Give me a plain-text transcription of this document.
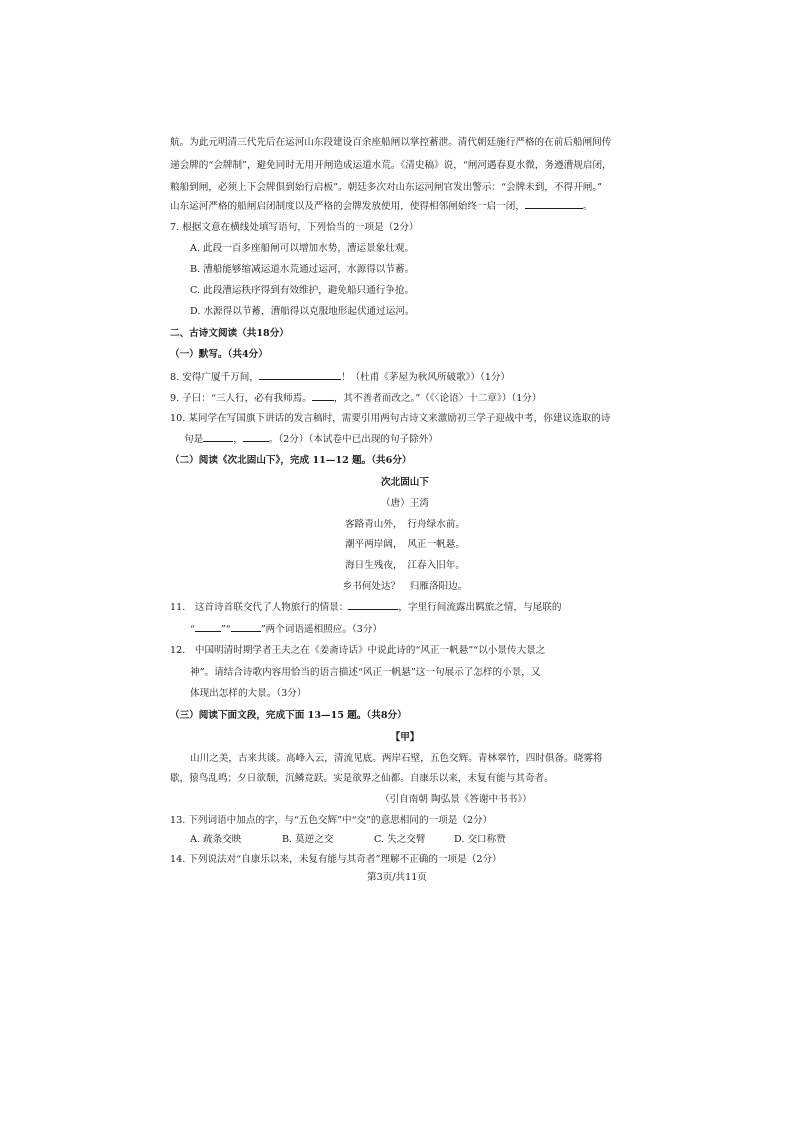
航。为此元明清三代先后在运河山东段建设百余座船闸以掌控蓄泄。清代朝廷施行严格的在前后船闸间传
递会牌的“会牌制”，避免同时无用开闸造成运道水荒。《清史稿》说，“闸河遇春夏水微，务遵漕规启闭，
粮船到闸，必须上下会牌俱到始行启板”。朝廷多次对山东运河闸官发出警示：“会牌未到，不得开闸。”
山东运河严格的船闸启闭制度以及严格的会牌发放使用，使得相邻闸始终一启一闭，	。
7. 根据文意在横线处填写语句，下列恰当的一项是（2分）
A. 此段一百多座船闸可以增加水势，漕运景象壮观。
B. 漕船能够缩减运道水荒通过运河，水源得以节蓄。
C. 此段漕运秩序得到有效维护，避免船只通行争抢。
D. 水源得以节蓄，漕船得以克服地形起伏通过运河。
二、古诗文阅读（共18分）
（一）默写。（共4分）
8. 安得广厦千万间，	！（杜甫《茅屋为秋风所破歌》）（1分）
9. 子曰：“三人行，必有我师焉。 ，其不善者而改之。”（《〈论语〉十二章》）（1分）
10. 某同学在写国旗下讲话的发言稿时，需要引用两句古诗文来激励初三学子迎战中考，你建议选取的诗
句是	，	。（2分）（本试卷中已出现的句子除外）
（二）阅读《次北固山下》，完成 11—12 题。（共6分）
次北固山下
（唐）王湾
客路青山外，　行舟绿水前。
潮平两岸阔，　风正一帆悬。
海日生残夜，　江春入旧年。
乡书何处达？　归雁洛阳边。
11.　这首诗首联交代了人物旅行的情景：	，字里行间流露出羁旅之情，与尾联的
“	”“	”两个词语遥相照应。（3分）
12.　中国明清时期学者王夫之在《姜斋诗话》中说此诗的“风正一帆悬”“以小景传大景之
神”。请结合诗歌内容用恰当的语言描述“风正一帆悬”这一句展示了怎样的小景，又
体现出怎样的大景。（3分）
（三）阅读下面文段，完成下面 13—15 题。（共8分）
【甲】
山川之美，古来共谈。高峰入云，清流见底。两岸石壁，五色交辉。青林翠竹，四时俱备。晓雾将
歇，猿鸟乱鸣；夕日欲颓，沉鳞竞跃。实是欲界之仙都。自康乐以来，未复有能与其奇者。
（引自南朝 陶弘景《答谢中书书》）
13. 下列词语中加点的字，与“五色交辉”中“交”的意思相同的一项是（2分）
A. 疏条交映	B. 莫逆之交	C. 失之交臂	D. 交口称赞
14. 下列说法对“自康乐以来，未复有能与其奇者”理解不正确的一项是（2分）
第3页/共11页
